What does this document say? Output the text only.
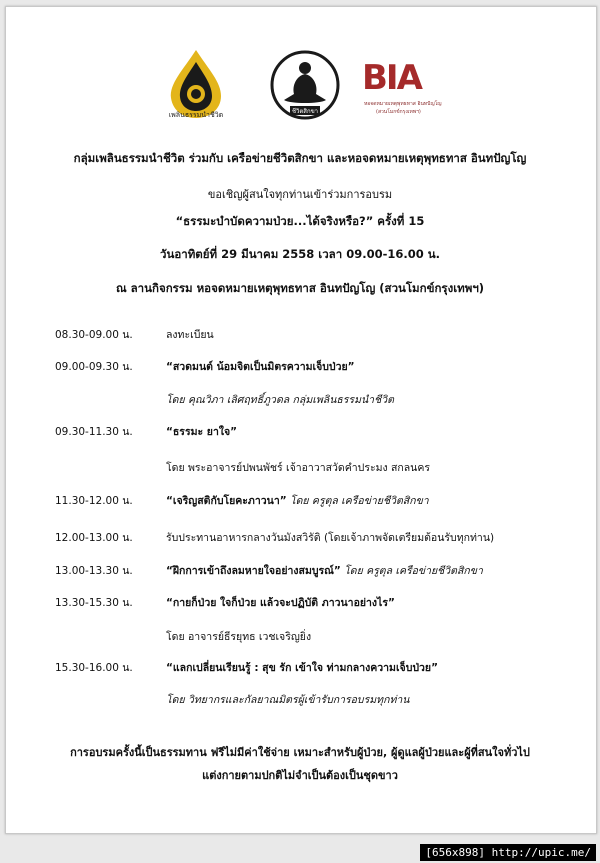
เพลินธรรมนำชีวิต	ชีวิตสิกขา
BIA
หอจดหมายเหตุพุทธทาส อินทปัญโญ
(สวนโมกข์กรุงเทพฯ)
กลุ่มเพลินธรรมนำชีวิต ร่วมกับ เครือข่ายชีวิตสิกขา และหอจดหมายเหตุพุทธทาส อินทปัญโญ
ขอเชิญผู้สนใจทุกท่านเข้าร่วมการอบรม
“ธรรมะบำบัดความป่วย...ได้จริงหรือ?” ครั้งที่ 15
วันอาทิตย์ที่ 29 มีนาคม 2558 เวลา 09.00-16.00 น.
ณ ลานกิจกรรม หอจดหมายเหตุพุทธทาส อินทปัญโญ (สวนโมกข์กรุงเทพฯ)
08.30-09.00 น.	ลงทะเบียน
09.00-09.30 น.	“สวดมนต์ น้อมจิตเป็นมิตรความเจ็บป่วย”
โดย คุณวิภา เลิศฤทธิ์ภูวดล กลุ่มเพลินธรรมนำชีวิต
09.30-11.30 น.	“ธรรมะ ยาใจ”
โดย พระอาจารย์ปพนพัชร์ เจ้าอาวาสวัดคำประมง สกลนคร
11.30-12.00 น.	“เจริญสติกับโยคะภาวนา” โดย ครูตุล เครือข่ายชีวิตสิกขา
12.00-13.00 น.	รับประทานอาหารกลางวันมังสวิรัติ (โดยเจ้าภาพจัดเตรียมต้อนรับทุกท่าน)
13.00-13.30 น.	“ฝึกการเข้าถึงลมหายใจอย่างสมบูรณ์” โดย ครูตุล เครือข่ายชีวิตสิกขา
13.30-15.30 น.	“กายก็ป่วย ใจก็ป่วย แล้วจะปฏิบัติ ภาวนาอย่างไร”
โดย อาจารย์ธีรยุทธ เวชเจริญยิ่ง
15.30-16.00 น.	“แลกเปลี่ยนเรียนรู้ : สุข รัก เข้าใจ ท่ามกลางความเจ็บป่วย”
โดย วิทยากรและกัลยาณมิตรผู้เข้ารับการอบรมทุกท่าน
การอบรมครั้งนี้เป็นธรรมทาน ฟรีไม่มีค่าใช้จ่าย เหมาะสำหรับผู้ป่วย, ผู้ดูแลผู้ป่วยและผู้ที่สนใจทั่วไป
แต่งกายตามปกติไม่จำเป็นต้องเป็นชุดขาว
[656x898] http://upic.me/
